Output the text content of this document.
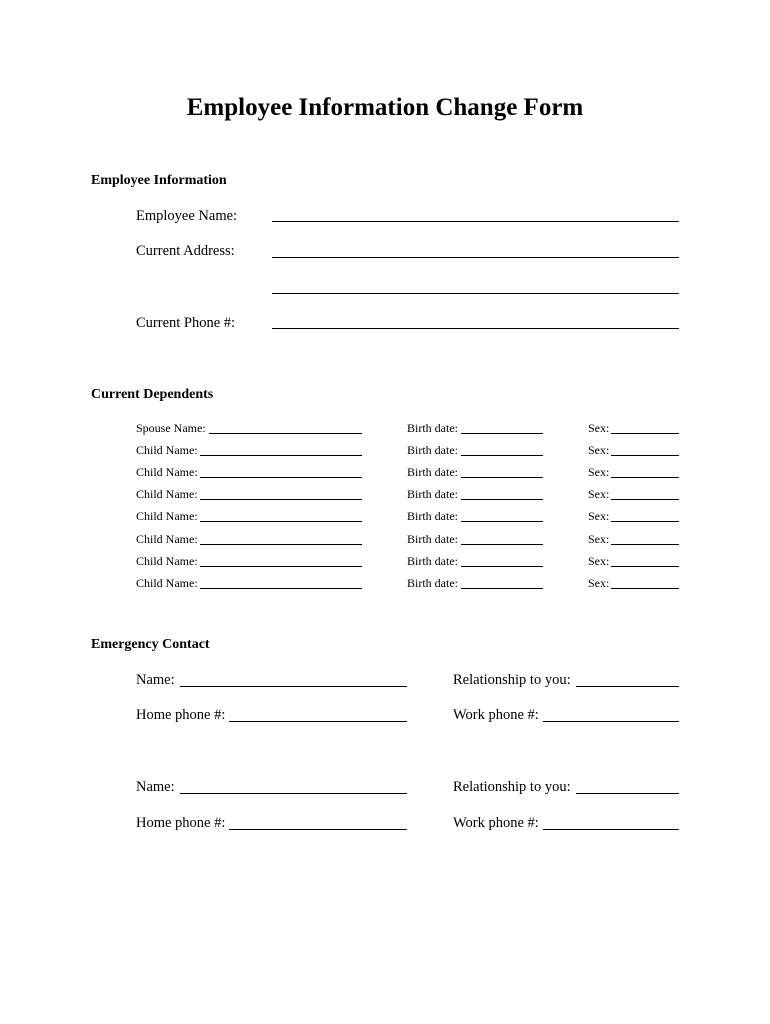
Employee Information Change Form
Employee Information
Employee Name:
Current Address:
Current Phone #:
Current Dependents
Spouse Name:	Birth date:	Sex:
Child Name:	Birth date:	Sex:
Child Name:	Birth date:	Sex:
Child Name:	Birth date:	Sex:
Child Name:	Birth date:	Sex:
Child Name:	Birth date:	Sex:
Child Name:	Birth date:	Sex:
Child Name:	Birth date:	Sex:
Emergency Contact
Name:	Relationship to you:
Home phone #:	Work phone #:
Name:	Relationship to you:
Home phone #:	Work phone #:
